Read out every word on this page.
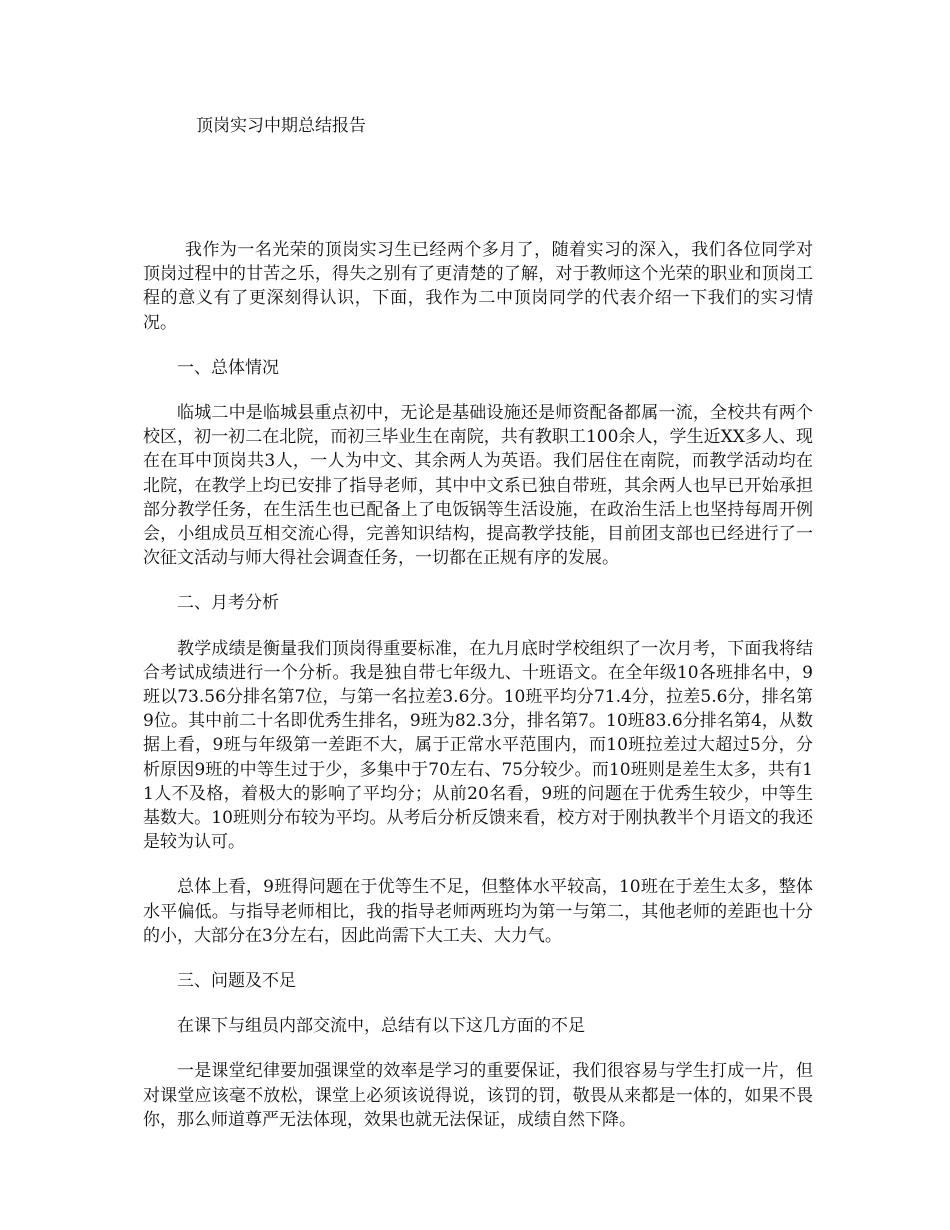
顶岗实习中期总结报告

我作为一名光荣的顶岗实习生已经两个多月了，随着实习的深入，我们各位同学对顶岗过程中的甘苦之乐，得失之别有了更清楚的了解，对于教师这个光荣的职业和顶岗工程的意义有了更深刻得认识，下面，我作为二中顶岗同学的代表介绍一下我们的实习情况。

一、总体情况

临城二中是临城县重点初中，无论是基础设施还是师资配备都属一流，全校共有两个校区，初一初二在北院，而初三毕业生在南院，共有教职工100余人，学生近XX多人、现在在耳中顶岗共3人，一人为中文、其余两人为英语。我们居住在南院，而教学活动均在北院，在教学上均已安排了指导老师，其中中文系已独自带班，其余两人也早已开始承担部分教学任务，在生活生也已配备上了电饭锅等生活设施，在政治生活上也坚持每周开例会，小组成员互相交流心得，完善知识结构，提高教学技能，目前团支部也已经进行了一次征文活动与师大得社会调查任务，一切都在正规有序的发展。

二、月考分析

教学成绩是衡量我们顶岗得重要标准，在九月底时学校组织了一次月考，下面我将结合考试成绩进行一个分析。我是独自带七年级九、十班语文。在全年级10各班排名中，9班以73.56分排名第7位，与第一名拉差3.6分。10班平均分71.4分，拉差5.6分，排名第9位。其中前二十名即优秀生排名，9班为82.3分，排名第7。10班83.6分排名第4，从数据上看，9班与年级第一差距不大，属于正常水平范围内，而10班拉差过大超过5分，分析原因9班的中等生过于少，多集中于70左右、75分较少。而10班则是差生太多，共有11人不及格，着极大的影响了平均分；从前20名看，9班的问题在于优秀生较少，中等生基数大。10班则分布较为平均。从考后分析反馈来看，校方对于刚执教半个月语文的我还是较为认可。

总体上看，9班得问题在于优等生不足，但整体水平较高，10班在于差生太多，整体水平偏低。与指导老师相比，我的指导老师两班均为第一与第二，其他老师的差距也十分的小，大部分在3分左右，因此尚需下大工夫、大力气。

三、问题及不足

在课下与组员内部交流中，总结有以下这几方面的不足

一是课堂纪律要加强课堂的效率是学习的重要保证，我们很容易与学生打成一片，但对课堂应该毫不放松，课堂上必须该说得说，该罚的罚，敬畏从来都是一体的，如果不畏你，那么师道尊严无法体现，效果也就无法保证，成绩自然下降。
